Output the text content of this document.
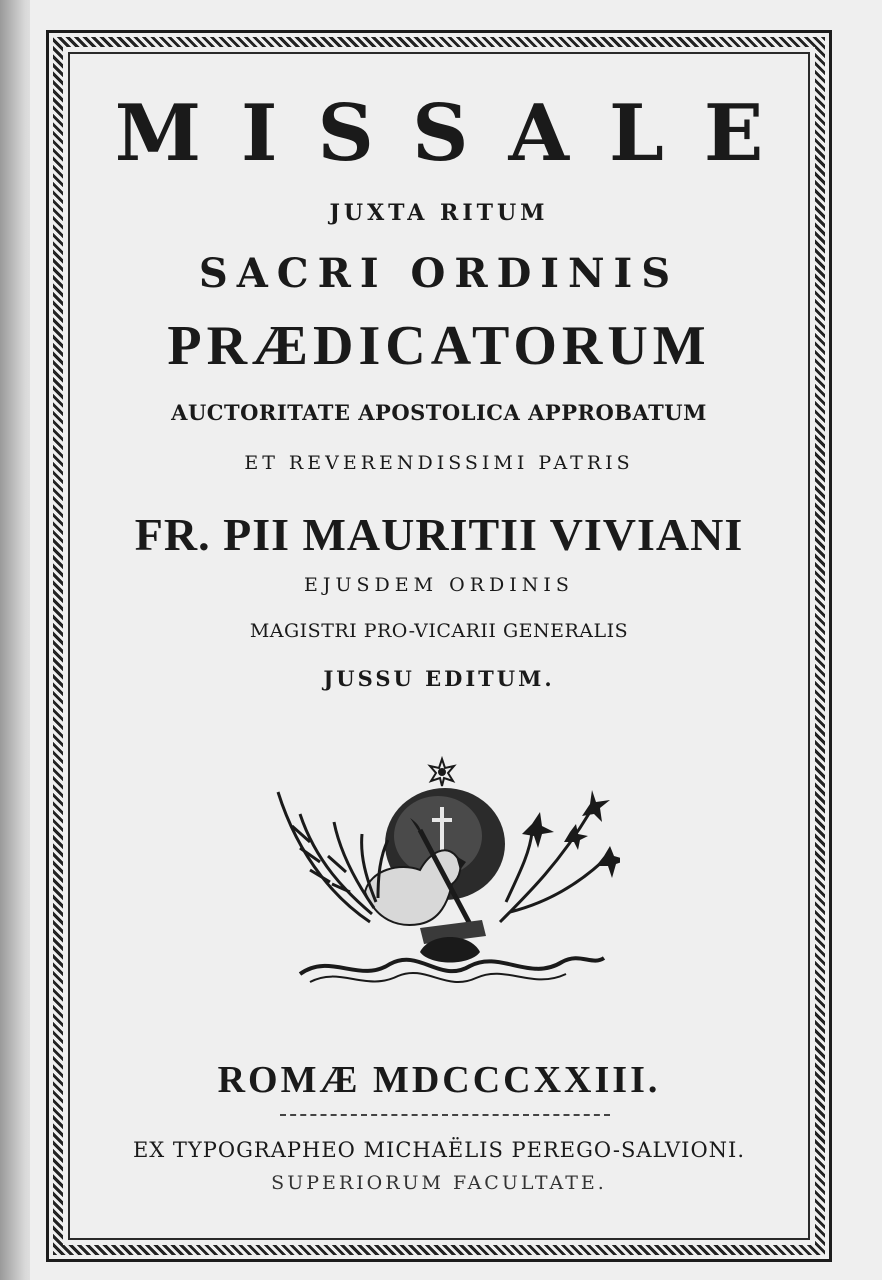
MISSALE
JUXTA RITUM
SACRI ORDINIS
PRÆDICATORUM
AUCTORITATE APOSTOLICA APPROBATUM
ET REVERENDISSIMI PATRIS
FR. PII MAURITII VIVIANI
EJUSDEM ORDINIS
MAGISTRI PRO-VICARII GENERALIS
JUSSU EDITUM.
ROMÆ MDCCCXXIII.
EX TYPOGRAPHEO MICHAËLIS PEREGO-SALVIONI.
SUPERIORUM FACULTATE.
